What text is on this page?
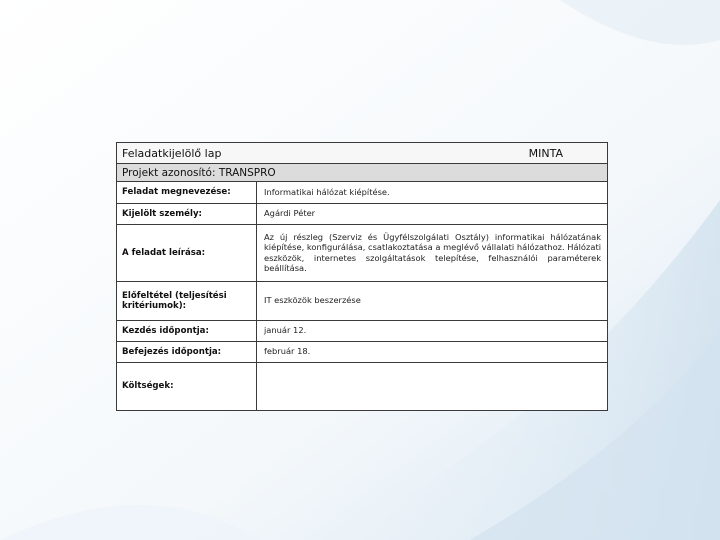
Feladatkijelölő lap	MINTA
Projekt azonosító: TRANSPRO
Feladat megnevezése:	Informatikai hálózat kiépítése.
Kijelölt személy:	Agárdi Péter
A feladat leírása:	Az új részleg (Szerviz és Ügyfélszolgálati Osztály) informatikai hálózatának kiépítése, konfigurálása, csatlakoztatása a meglévő vállalati hálózathoz. Hálózati eszközök, internetes szolgáltatások telepítése, felhasználói paraméterek beállítása.
Előfeltétel (teljesítési kritériumok):	IT eszközök beszerzése
Kezdés időpontja:	január 12.
Befejezés időpontja:	február 18.
Költségek:	
